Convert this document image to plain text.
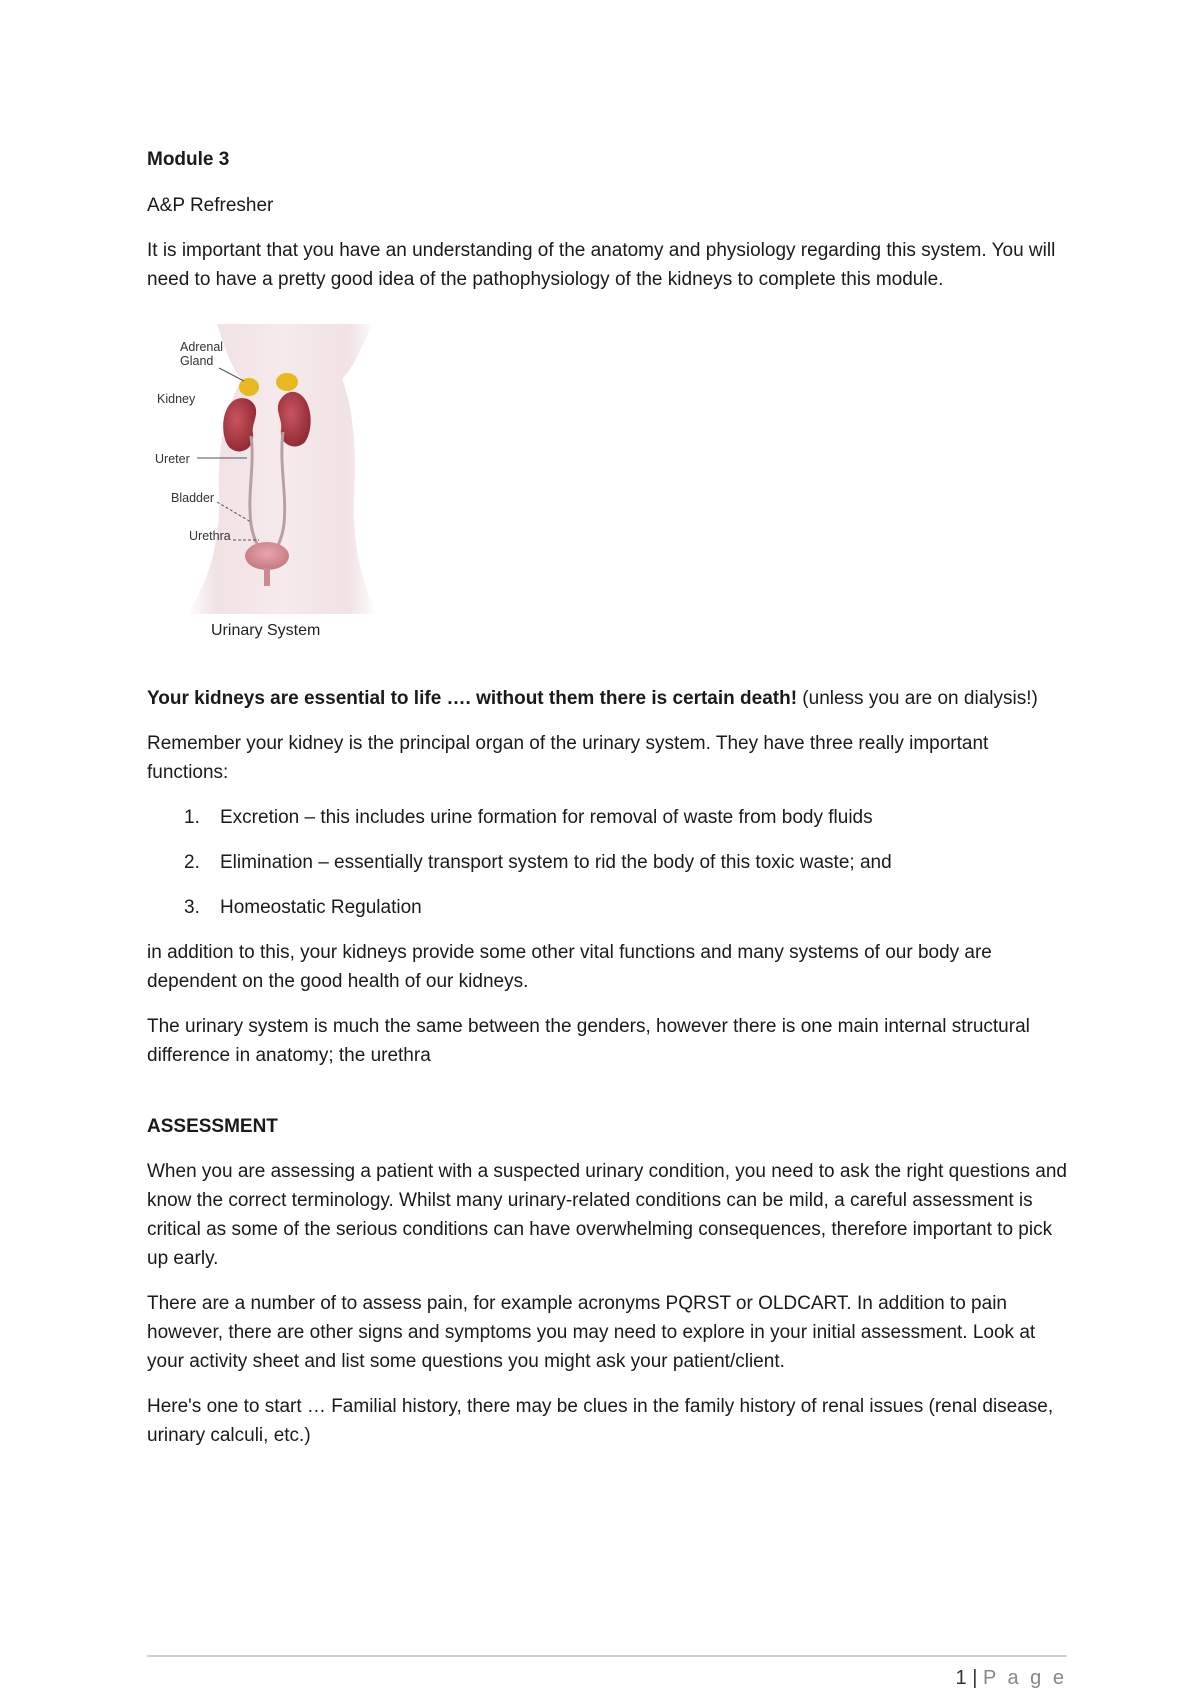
Module 3
A&P Refresher
It is important that you have an understanding of the anatomy and physiology regarding this system. You will need to have a pretty good idea of the pathophysiology of the kidneys to complete this module.
Adrenal Gland
Kidney
Ureter
Bladder
Urethra
Urinary System
Your kidneys are essential to life …. without them there is certain death! (unless you are on dialysis!)
Remember your kidney is the principal organ of the urinary system. They have three really important functions:
1.	Excretion – this includes urine formation for removal of waste from body fluids
2.	Elimination – essentially transport system to rid the body of this toxic waste; and
3.	Homeostatic Regulation
in addition to this, your kidneys provide some other vital functions and many systems of our body are dependent on the good health of our kidneys.
The urinary system is much the same between the genders, however there is one main internal structural difference in anatomy; the urethra
ASSESSMENT
When you are assessing a patient with a suspected urinary condition, you need to ask the right questions and know the correct terminology. Whilst many urinary-related conditions can be mild, a careful assessment is critical as some of the serious conditions can have overwhelming consequences, therefore important to pick up early.
There are a number of to assess pain, for example acronyms PQRST or OLDCART. In addition to pain however, there are other signs and symptoms you may need to explore in your initial assessment. Look at your activity sheet and list some questions you might ask your patient/client.
Here's one to start … Familial history, there may be clues in the family history of renal issues (renal disease, urinary calculi, etc.)
1 | P a g e
